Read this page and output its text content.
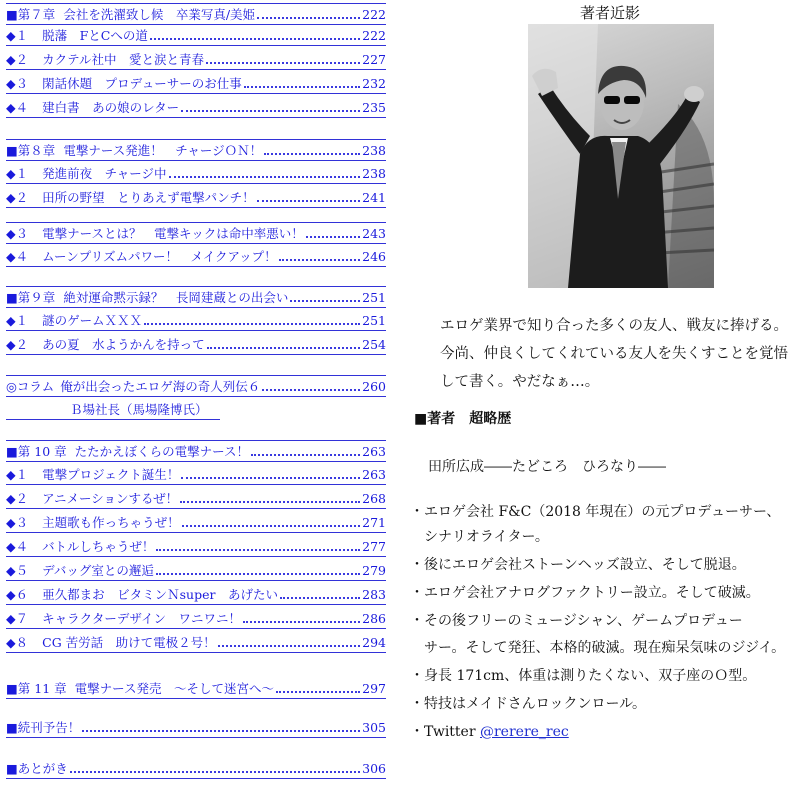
■第７章 会社を洗濯致し候　卒業写真/美姫	222
◆１ 脱藩　FとCへの道	222
◆２ カクテル社中　愛と涙と青春	227
◆３ 閑話休題　プロデューサーのお仕事	232
◆４ 建白書　あの娘のレター	235
■第８章 電撃ナース発進！　チャージＯＮ！	238
◆１ 発進前夜　チャージ中	238
◆２ 田所の野望　とりあえず電撃パンチ！	241
◆３ 電撃ナースとは？　電撃キックは命中率悪い！	243
◆４ ムーンプリズムパワー！　メイクアップ！	246
■第９章 絶対運命黙示録？　長岡建蔵との出会い	251
◆１ 謎のゲームＸＸＸ	251
◆２ あの夏　水ようかんを持って	254
◎コラム 俺が出会ったエロゲ海の奇人列伝６	260
Ｂ場社長（馬場隆博氏）
■第 10 章 たたかえぼくらの電撃ナース！	263
◆１ 電撃プロジェクト誕生！	263
◆２ アニメーションするぜ！	268
◆３ 主題歌も作っちゃうぜ！	271
◆４ バトルしちゃうぜ！	277
◆５ デバッグ室との邂逅	279
◆６ 亜久都まお　ビタミンＮsuper　あげたい	283
◆７ キャラクターデザイン　ワニワニ！	286
◆８ CG 苦労話　助けて電极２号！	294
■第 11 章 電撃ナース発売　～そして迷宮へ～	297
■続刊予告！	305
■あとがき	306
著者近影
エロゲ業界で知り合った多くの友人、戦友に捧げる。
今尚、仲良くしてくれている友人を失くすことを覚悟
して書く。やだなぁ…。
■著者　超略歴
田所広成――たどころ　ひろなり――
・エロゲ会社 F&C（2018 年現在）の元プロデューサー、
　シナリオライター。
・後にエロゲ会社ストーンヘッズ設立、そして脱退。
・エロゲ会社アナログファクトリー設立。そして破滅。
・その後フリーのミュージシャン、ゲームプロデュー
　サー。そして発狂、本格的破滅。現在痴呆気味のジジイ。
・身長 171cm、体重は測りたくない、双子座のＯ型。
・特技はメイドさんロックンロール。
・Twitter @rerere_rec
